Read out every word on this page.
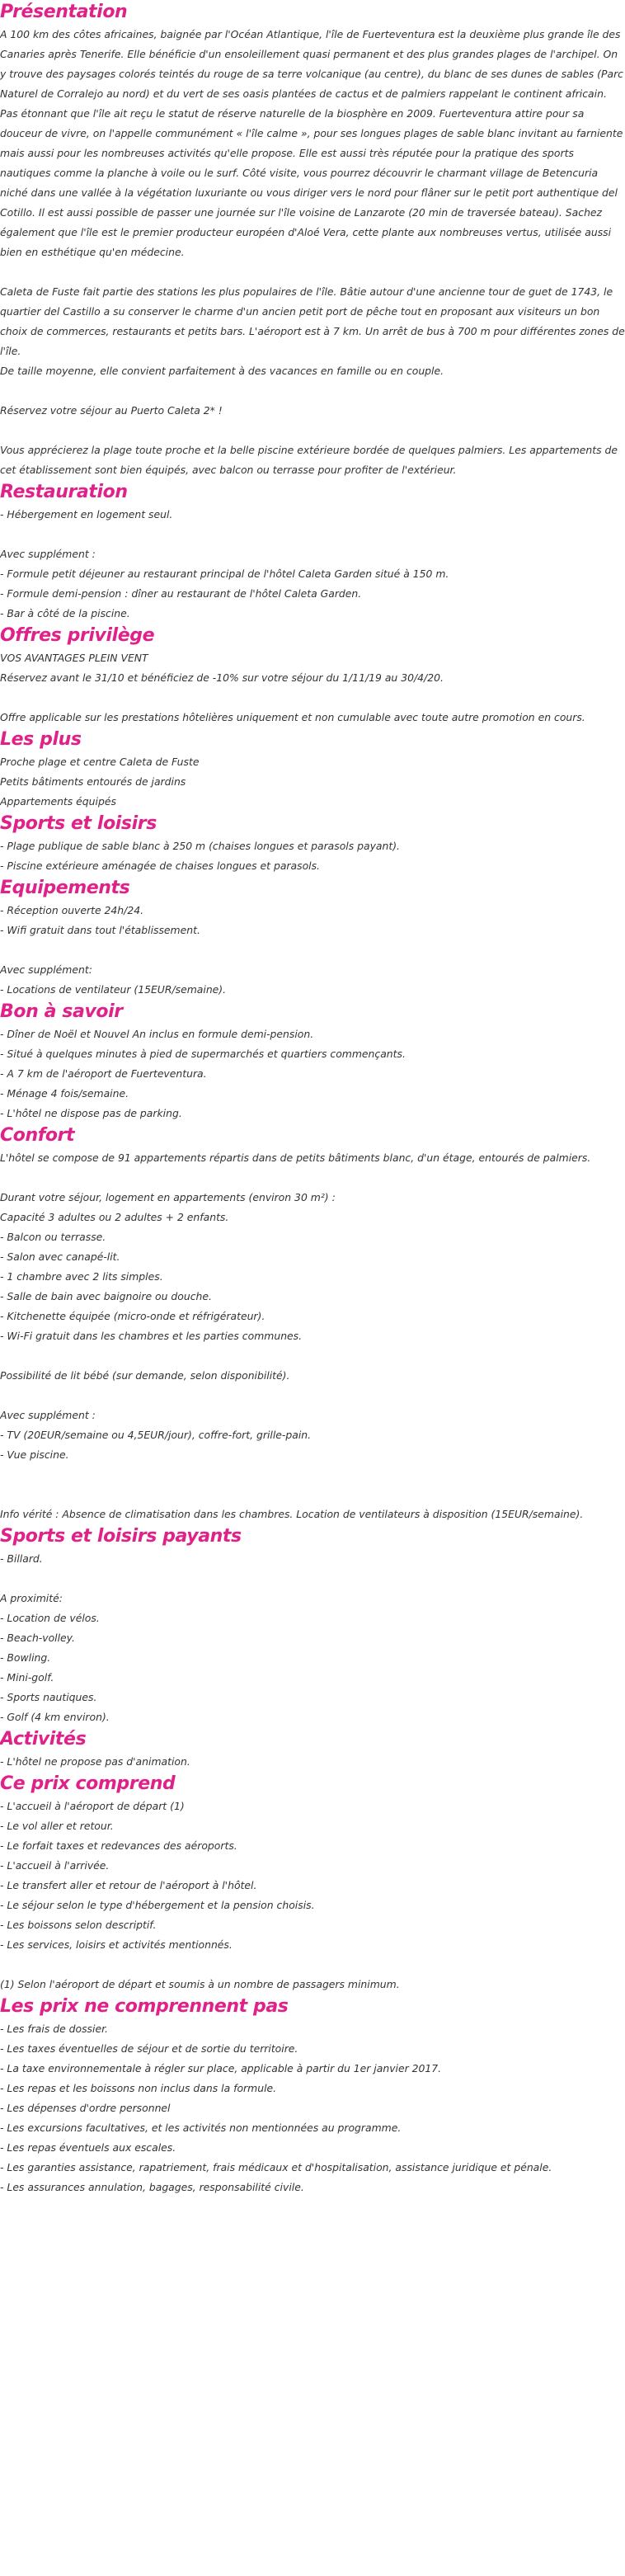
Présentation
A 100 km des côtes africaines, baignée par l'Océan Atlantique, l'île de Fuerteventura est la deuxième plus grande île des Canaries après Tenerife. Elle bénéficie d'un ensoleillement quasi permanent et des plus grandes plages de l'archipel. On y trouve des paysages colorés teintés du rouge de sa terre volcanique (au centre), du blanc de ses dunes de sables (Parc Naturel de Corralejo au nord) et du vert de ses oasis plantées de cactus et de palmiers rappelant le continent africain. Pas étonnant que l'île ait reçu le statut de réserve naturelle de la biosphère en 2009. Fuerteventura attire pour sa douceur de vivre, on l'appelle communément « l'île calme », pour ses longues plages de sable blanc invitant au farniente mais aussi pour les nombreuses activités qu'elle propose. Elle est aussi très réputée pour la pratique des sports nautiques comme la planche à voile ou le surf. Côté visite, vous pourrez découvrir le charmant village de Betencuria niché dans une vallée à la végétation luxuriante ou vous diriger vers le nord pour flâner sur le petit port authentique del Cotillo. Il est aussi possible de passer une journée sur l'île voisine de Lanzarote (20 min de traversée bateau). Sachez également que l'île est le premier producteur européen d'Aloé Vera, cette plante aux nombreuses vertus, utilisée aussi bien en esthétique qu'en médecine.

Caleta de Fuste fait partie des stations les plus populaires de l'île. Bâtie autour d'une ancienne tour de guet de 1743, le quartier del Castillo a su conserver le charme d'un ancien petit port de pêche tout en proposant aux visiteurs un bon choix de commerces, restaurants et petits bars. L'aéroport est à 7 km. Un arrêt de bus à 700 m pour différentes zones de l'île.
De taille moyenne, elle convient parfaitement à des vacances en famille ou en couple.

Réservez votre séjour au Puerto Caleta 2* !

Vous apprécierez la plage toute proche et la belle piscine extérieure bordée de quelques palmiers. Les appartements de cet établissement sont bien équipés, avec balcon ou terrasse pour profiter de l'extérieur.

Restauration
- Hébergement en logement seul.

Avec supplément :
- Formule petit déjeuner au restaurant principal de l'hôtel Caleta Garden situé à 150 m.
- Formule demi-pension : dîner au restaurant de l'hôtel Caleta Garden.
- Bar à côté de la piscine.

Offres privilège
VOS AVANTAGES PLEIN VENT
Réservez avant le 31/10 et bénéficiez de -10% sur votre séjour du 1/11/19 au 30/4/20.

Offre applicable sur les prestations hôtelières uniquement et non cumulable avec toute autre promotion en cours.

Les plus
Proche plage et centre Caleta de Fuste
Petits bâtiments entourés de jardins
Appartements équipés

Sports et loisirs
- Plage publique de sable blanc à 250 m (chaises longues et parasols payant).
- Piscine extérieure aménagée de chaises longues et parasols.

Equipements
- Réception ouverte 24h/24.
- Wifi gratuit dans tout l'établissement.

Avec supplément:
- Locations de ventilateur (15EUR/semaine).

Bon à savoir
- Dîner de Noël et Nouvel An inclus en formule demi-pension.
- Situé à quelques minutes à pied de supermarchés et quartiers commençants.
- A 7 km de l'aéroport de Fuerteventura.
- Ménage 4 fois/semaine.
- L'hôtel ne dispose pas de parking.

Confort
L'hôtel se compose de 91 appartements répartis dans de petits bâtiments blanc, d'un étage, entourés de palmiers.

Durant votre séjour, logement en appartements (environ 30 m²) :
Capacité 3 adultes ou 2 adultes + 2 enfants.
- Balcon ou terrasse.
- Salon avec canapé-lit.
- 1 chambre avec 2 lits simples.
- Salle de bain avec baignoire ou douche.
- Kitchenette équipée (micro-onde et réfrigérateur).
- Wi-Fi gratuit dans les chambres et les parties communes.

Possibilité de lit bébé (sur demande, selon disponibilité).

Avec supplément :
- TV (20EUR/semaine ou 4,5EUR/jour), coffre-fort, grille-pain.
- Vue piscine.

Info vérité : Absence de climatisation dans les chambres. Location de ventilateurs à disposition (15EUR/semaine).

Sports et loisirs payants
- Billard.

A proximité:
- Location de vélos.
- Beach-volley.
- Bowling.
- Mini-golf.
- Sports nautiques.
- Golf (4 km environ).

Activités
- L'hôtel ne propose pas d'animation.

Ce prix comprend
- L'accueil à l'aéroport de départ (1)
- Le vol aller et retour.
- Le forfait taxes et redevances des aéroports.
- L'accueil à l'arrivée.
- Le transfert aller et retour de l'aéroport à l'hôtel.
- Le séjour selon le type d'hébergement et la pension choisis.
- Les boissons selon descriptif.
- Les services, loisirs et activités mentionnés.

(1) Selon l'aéroport de départ et soumis à un nombre de passagers minimum.

Les prix ne comprennent pas
- Les frais de dossier.
- Les taxes éventuelles de séjour et de sortie du territoire.
- La taxe environnementale à régler sur place, applicable à partir du 1er janvier 2017.
- Les repas et les boissons non inclus dans la formule.
- Les dépenses d'ordre personnel
- Les excursions facultatives, et les activités non mentionnées au programme.
- Les repas éventuels aux escales.
- Les garanties assistance, rapatriement, frais médicaux et d'hospitalisation, assistance juridique et pénale.
- Les assurances annulation, bagages, responsabilité civile.
